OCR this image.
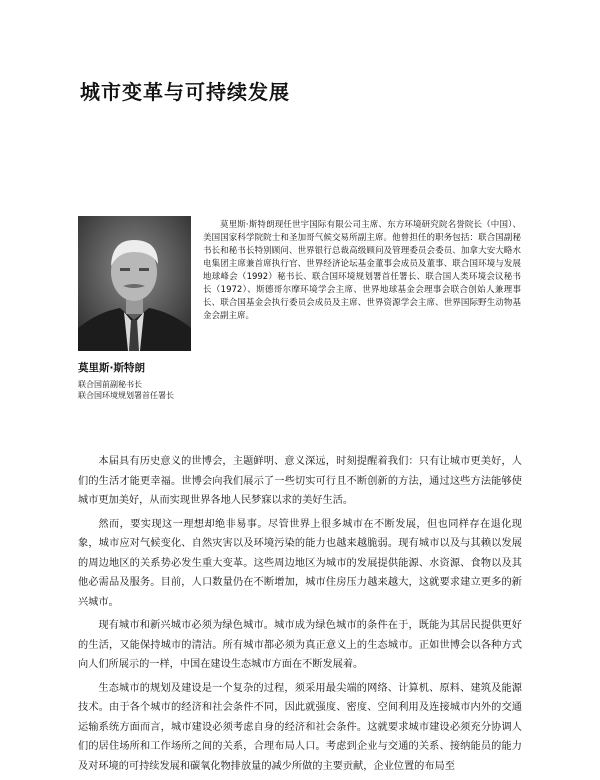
城市变革与可持续发展

莫里斯·斯特朗现任世宇国际有限公司主席、东方环境研究院名誉院长（中国）、美国国家科学院院士和圣加哥气候交易所副主席。他曾担任的职务包括：联合国副秘书长和秘书长特别顾问、世界银行总裁高级顾问及管理委员会委员、加拿大安大略水电集团主席兼首席执行官、世界经济论坛基金董事会成员及董事、联合国环境与发展地球峰会（1992）秘书长、联合国环境规划署首任署长、联合国人类环境会议秘书长（1972）、斯德哥尔摩环境学会主席、世界地球基金会理事会联合创始人兼理事长、联合国基金会执行委员会成员及主席、世界资源学会主席、世界国际野生动物基金会副主席。

莫里斯·斯特朗

联合国前副秘书长

联合国环境规划署首任署长

本届具有历史意义的世博会，主题鲜明、意义深远，时刻提醒着我们：只有让城市更美好，人们的生活才能更幸福。世博会向我们展示了一些切实可行且不断创新的方法，通过这些方法能够使城市更加美好，从而实现世界各地人民梦寐以求的美好生活。

然而，要实现这一理想却绝非易事。尽管世界上很多城市在不断发展，但也同样存在退化现象，城市应对气候变化、自然灾害以及环境污染的能力也越来越脆弱。现有城市以及与其赖以发展的周边地区的关系势必发生重大变革。这些周边地区为城市的发展提供能源、水资源、食物以及其他必需品及服务。目前，人口数量仍在不断增加，城市住房压力越来越大，这就要求建立更多的新兴城市。

现有城市和新兴城市必须为绿色城市。城市成为绿色城市的条件在于，既能为其居民提供更好的生活，又能保持城市的清洁。所有城市都必须为真正意义上的生态城市。正如世博会以各种方式向人们所展示的一样，中国在建设生态城市方面在不断发展着。

生态城市的规划及建设是一个复杂的过程，须采用最尖端的网络、计算机、原料、建筑及能源技术。由于各个城市的经济和社会条件不同，因此就强度、密度、空间利用及连接城市内外的交通运输系统方面而言，城市建设必须考虑自身的经济和社会条件。这就要求城市建设必须充分协调人们的居住场所和工作场所之间的关系，合理布局人口。考虑到企业与交通的关系、接纳能员的能力及对环境的可持续发展和碳氧化物排放量的减少所做的主要贡献，企业位置的布局至
